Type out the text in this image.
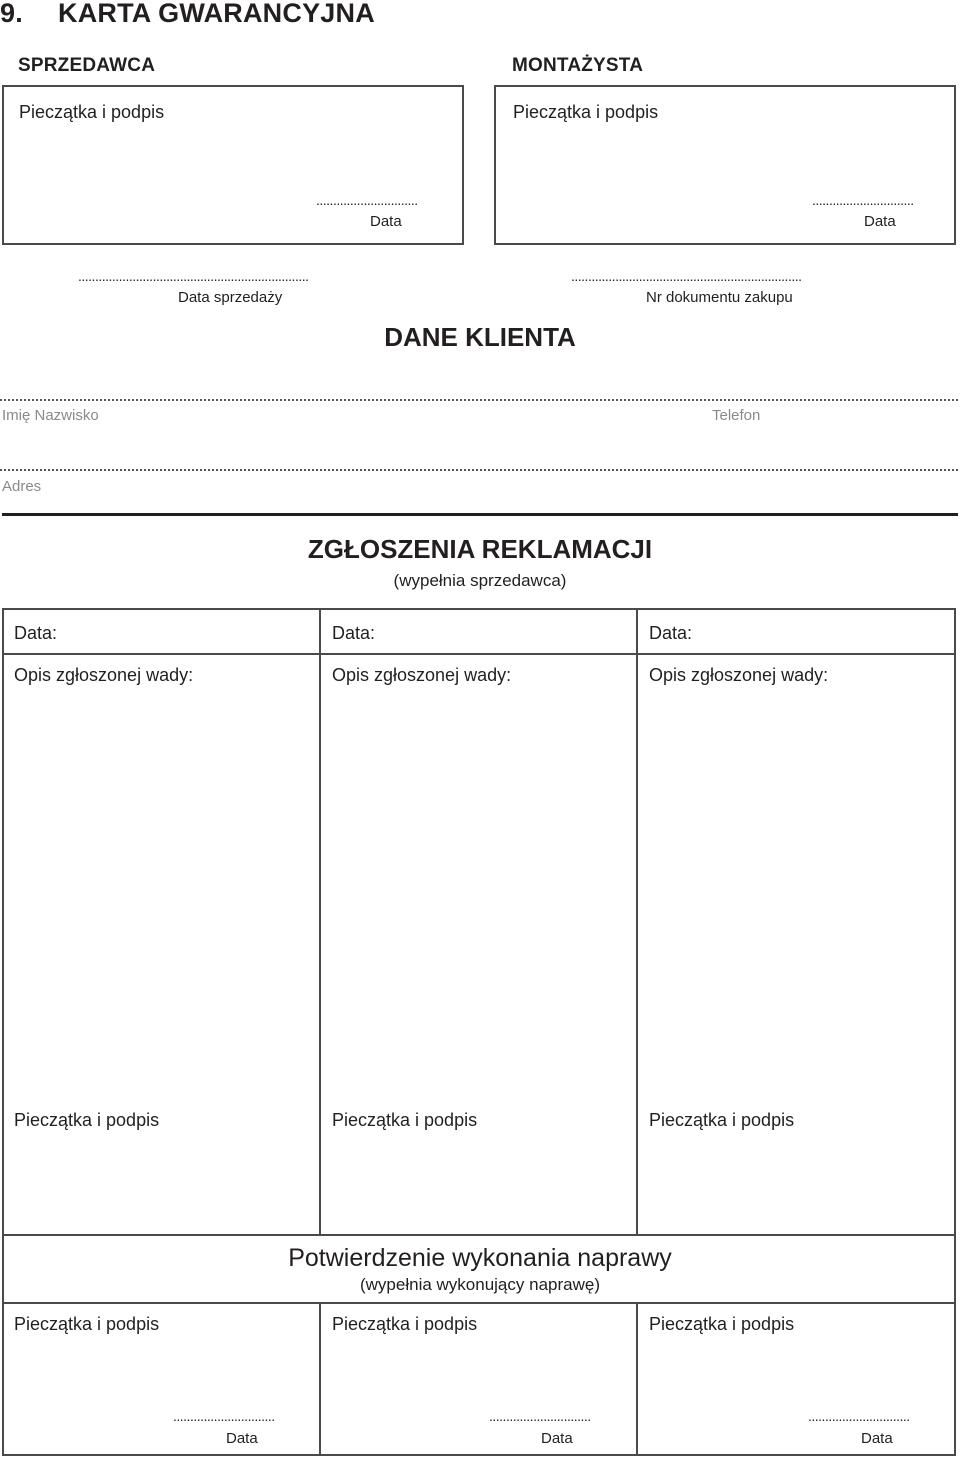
9. KARTA GWARANCYJNA
SPRZEDAWCA	MONTAŻYSTA
Pieczątka i podpis
..............................
Data
Pieczątka i podpis
..............................
Data
....................................................................
Data sprzedaży
....................................................................
Nr dokumentu zakupu
DANE KLIENTA
Imię Nazwisko	Telefon
Adres
ZGŁOSZENIA REKLAMACJI
(wypełnia sprzedawca)
Data:
Opis zgłoszonej wady:
Pieczątka i podpis
Data:
Opis zgłoszonej wady:
Pieczątka i podpis
Data:
Opis zgłoszonej wady:
Pieczątka i podpis
Potwierdzenie wykonania naprawy
(wypełnia wykonujący naprawę)
Pieczątka i podpis
..............................
Data
Pieczątka i podpis
..............................
Data
Pieczątka i podpis
..............................
Data
